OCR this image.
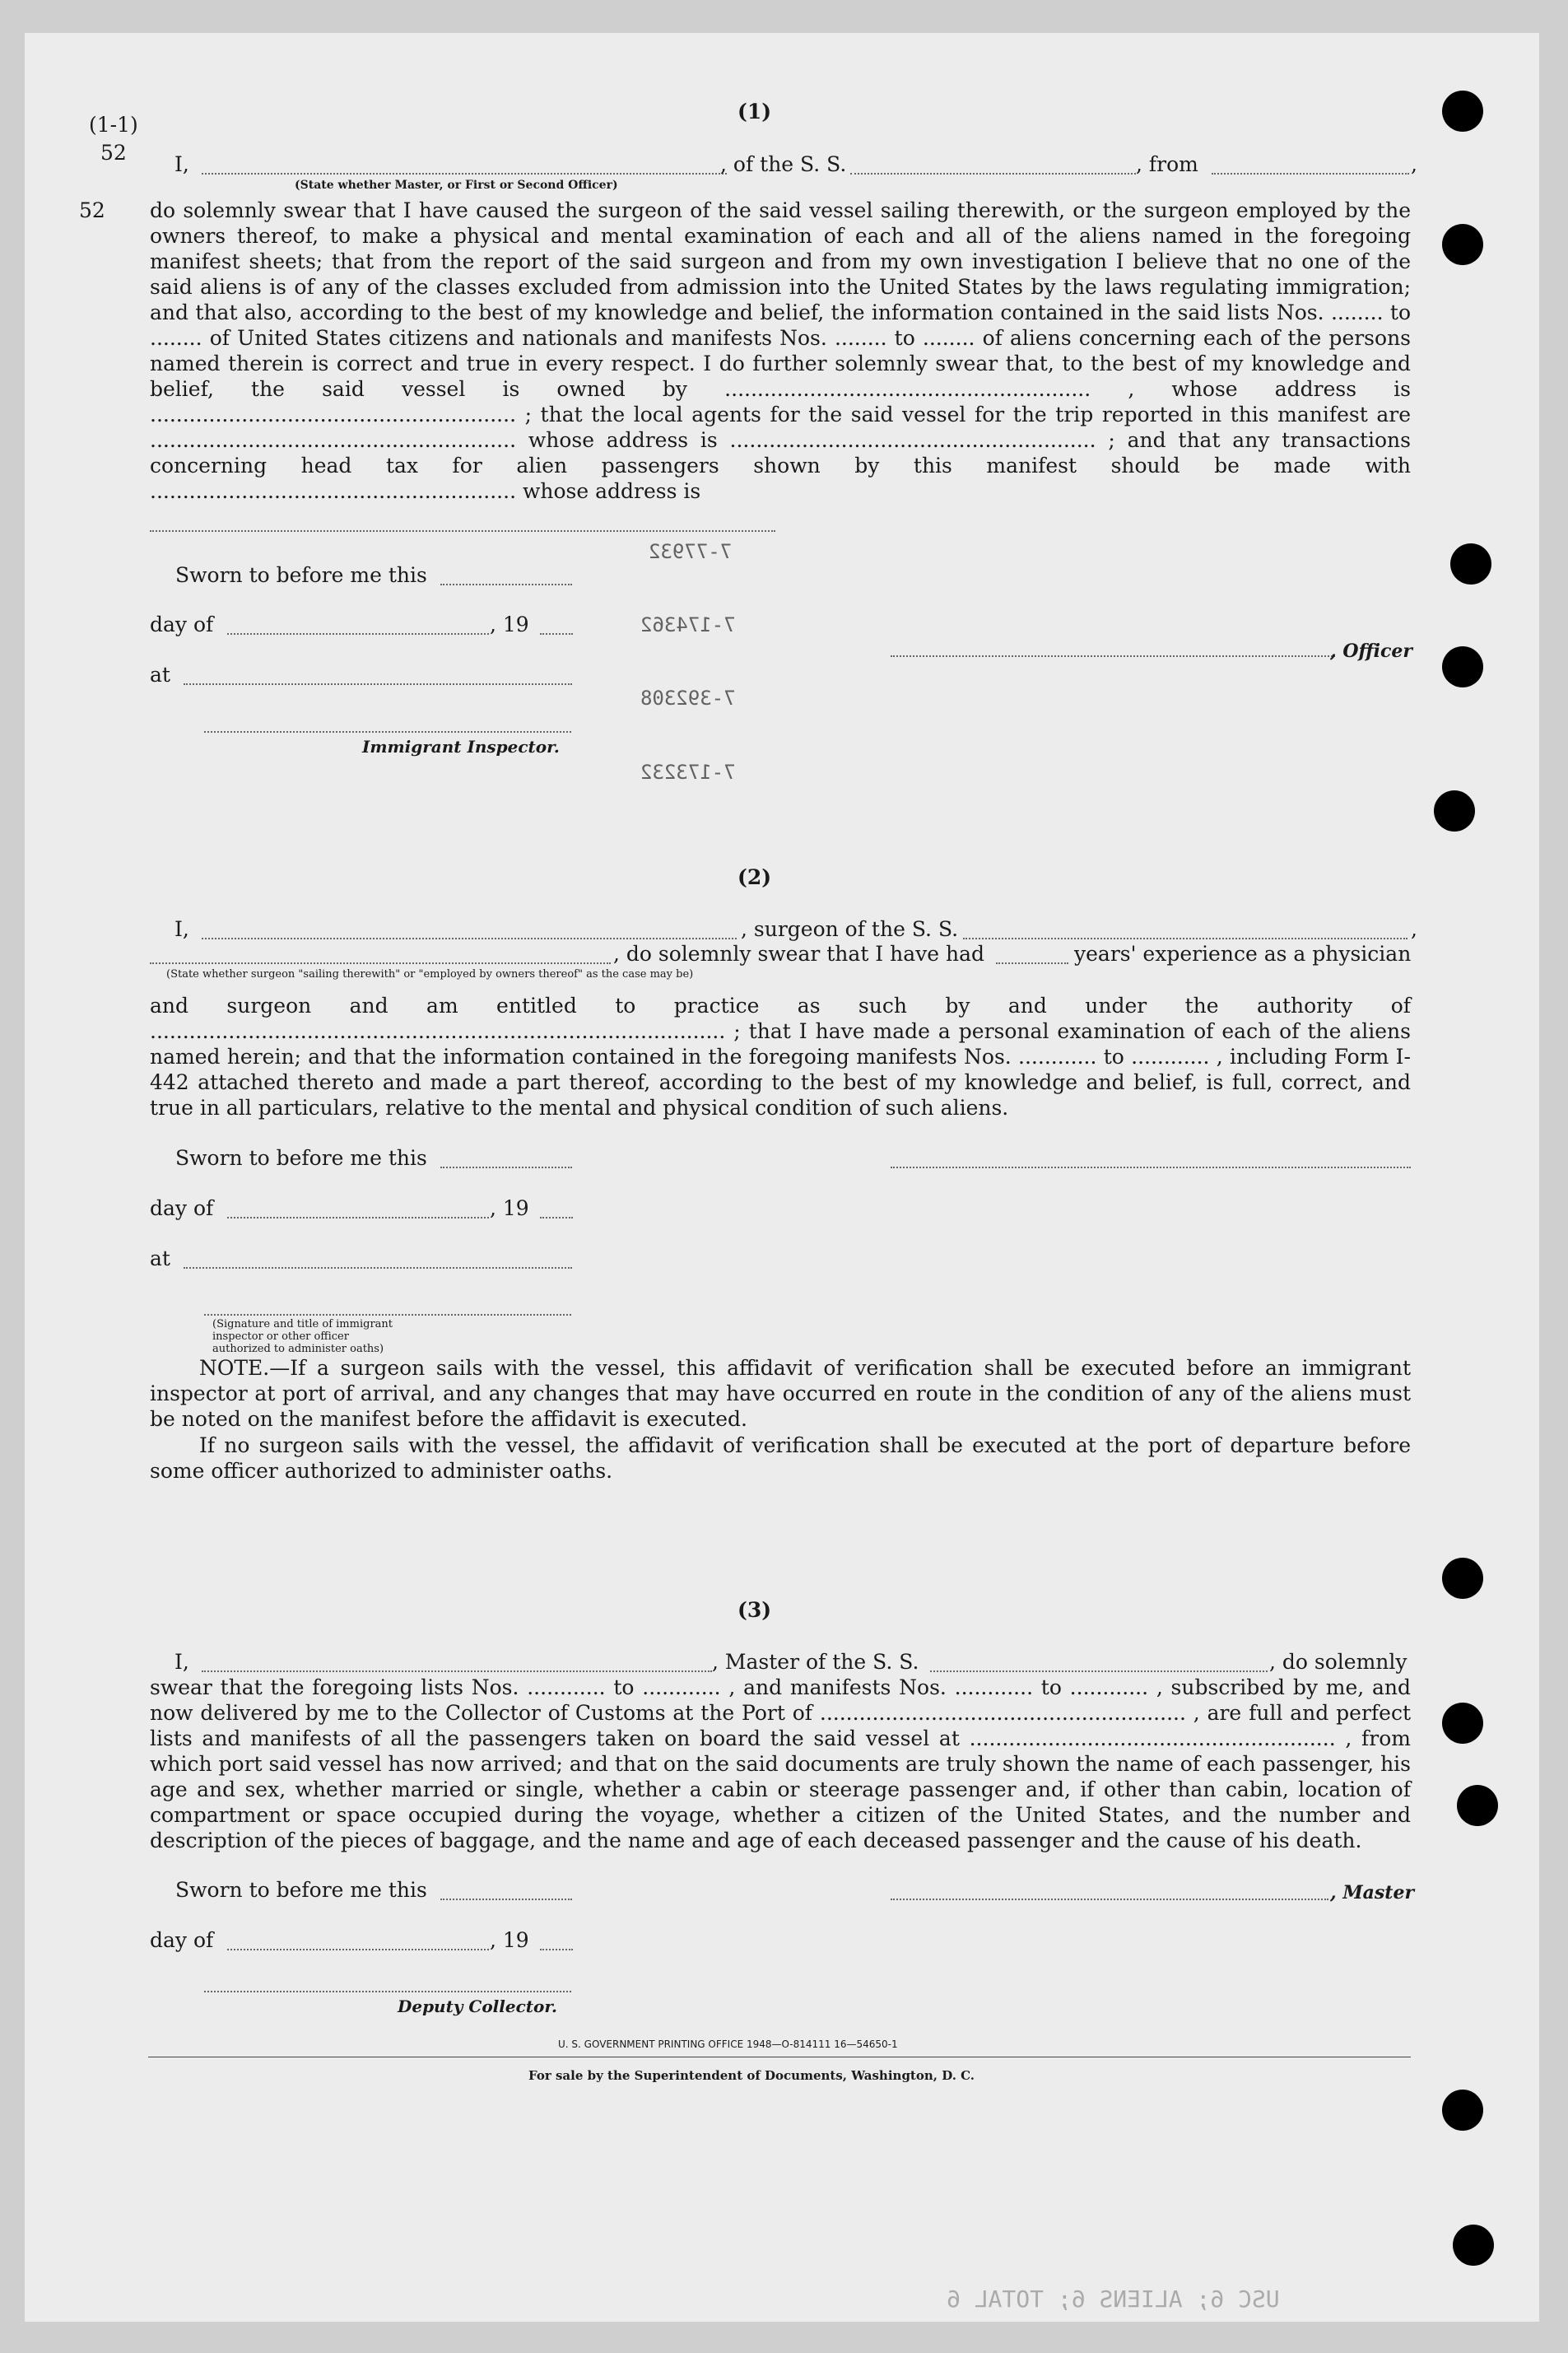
(1-1)
52
52
(1)
I,	, of the S. S.	, from	,
(State whether Master, or First or Second Officer)
do solemnly swear that I have caused the surgeon of the said vessel sailing therewith, or the surgeon employed by the owners thereof, to make a physical and mental examination of each and all of the aliens named in the foregoing manifest sheets; that from the report of the said surgeon and from my own investigation I believe that no one of the said aliens is of any of the classes excluded from admission into the United States by the laws regulating immigration; and that also, according to the best of my knowledge and belief, the information contained in the said lists Nos. ........ to ........ of United States citizens and nationals and manifests Nos. ........ to ........ of aliens concerning each of the persons named therein is correct and true in every respect. I do further solemnly swear that, to the best of my knowledge and belief, the said vessel is owned by ........................................................ , whose address is ........................................................ ; that the local agents for the said vessel for the trip reported in this manifest are ........................................................ whose address is ........................................................ ; and that any transactions concerning head tax for alien passengers shown by this manifest should be made with ........................................................ whose address is
Sworn to before me this
day of	, 19
at
Immigrant Inspector.
, Officer
7-77932
7-174362
7-392308
7-173232
(2)
I,	, surgeon of the S. S.	,
, do solemnly swear that I have had	years' experience as a physician
(State whether surgeon "sailing therewith" or "employed by owners thereof" as the case may be)
and surgeon and am entitled to practice as such by and under the authority of ........................................................................................ ; that I have made a personal examination of each of the aliens named herein; and that the information contained in the foregoing manifests Nos. ............ to ............ , including Form I-442 attached thereto and made a part thereof, according to the best of my knowledge and belief, is full, correct, and true in all particulars, relative to the mental and physical condition of such aliens.
Sworn to before me this
day of	, 19
at
(Signature and title of immigrant inspector or other officer authorized to administer oaths)
NOTE.—If a surgeon sails with the vessel, this affidavit of verification shall be executed before an immigrant inspector at port of arrival, and any changes that may have occurred en route in the condition of any of the aliens must be noted on the manifest before the affidavit is executed.
If no surgeon sails with the vessel, the affidavit of verification shall be executed at the port of departure before some officer authorized to administer oaths.
(3)
I,	, Master of the S. S.	, do solemnly
swear that the foregoing lists Nos. ............ to ............ , and manifests Nos. ............ to ............ , subscribed by me, and now delivered by me to the Collector of Customs at the Port of ........................................................ , are full and perfect lists and manifests of all the passengers taken on board the said vessel at ........................................................ , from which port said vessel has now arrived; and that on the said documents are truly shown the name of each passenger, his age and sex, whether married or single, whether a cabin or steerage passenger and, if other than cabin, location of compartment or space occupied during the voyage, whether a citizen of the United States, and the number and description of the pieces of baggage, and the name and age of each deceased passenger and the cause of his death.
Sworn to before me this	, Master
day of	, 19
Deputy Collector.
U. S. GOVERNMENT PRINTING OFFICE 1948—O-814111 16—54650-1
For sale by the Superintendent of Documents, Washington, D. C.
USC 6; ALIENS 6; TOTAL 6
